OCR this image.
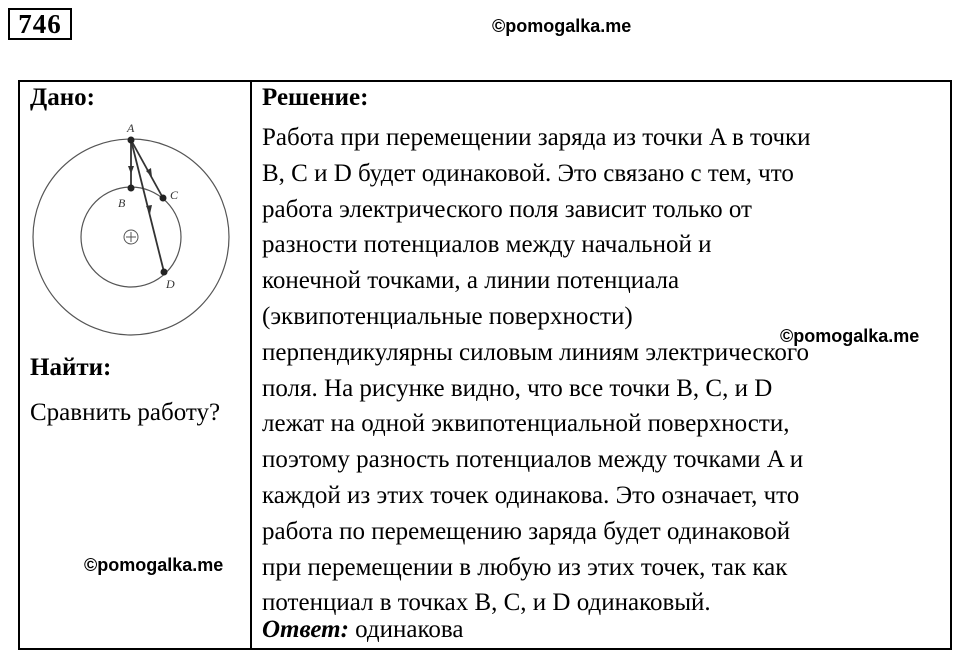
746	©pomogalka.me
Дано:
A
B
C
D
Найти:
Сравнить работу?
Решение:
Работа при перемещении заряда из точки A в точки
B, C и D будет одинаковой. Это связано с тем, что
работа электрического поля зависит только от
разности потенциалов между начальной и
конечной точками, а линии потенциала
(эквипотенциальные поверхности)
перпендикулярны силовым линиям электрического
поля. На рисунке видно, что все точки B, C, и D
лежат на одной эквипотенциальной поверхности,
поэтому разность потенциалов между точками A и
каждой из этих точек одинакова. Это означает, что
работа по перемещению заряда будет одинаковой
при перемещении в любую из этих точек, так как
потенциал в точках B, C, и D одинаковый.
Ответ: одинакова
©pomogalka.me
©pomogalka.me
